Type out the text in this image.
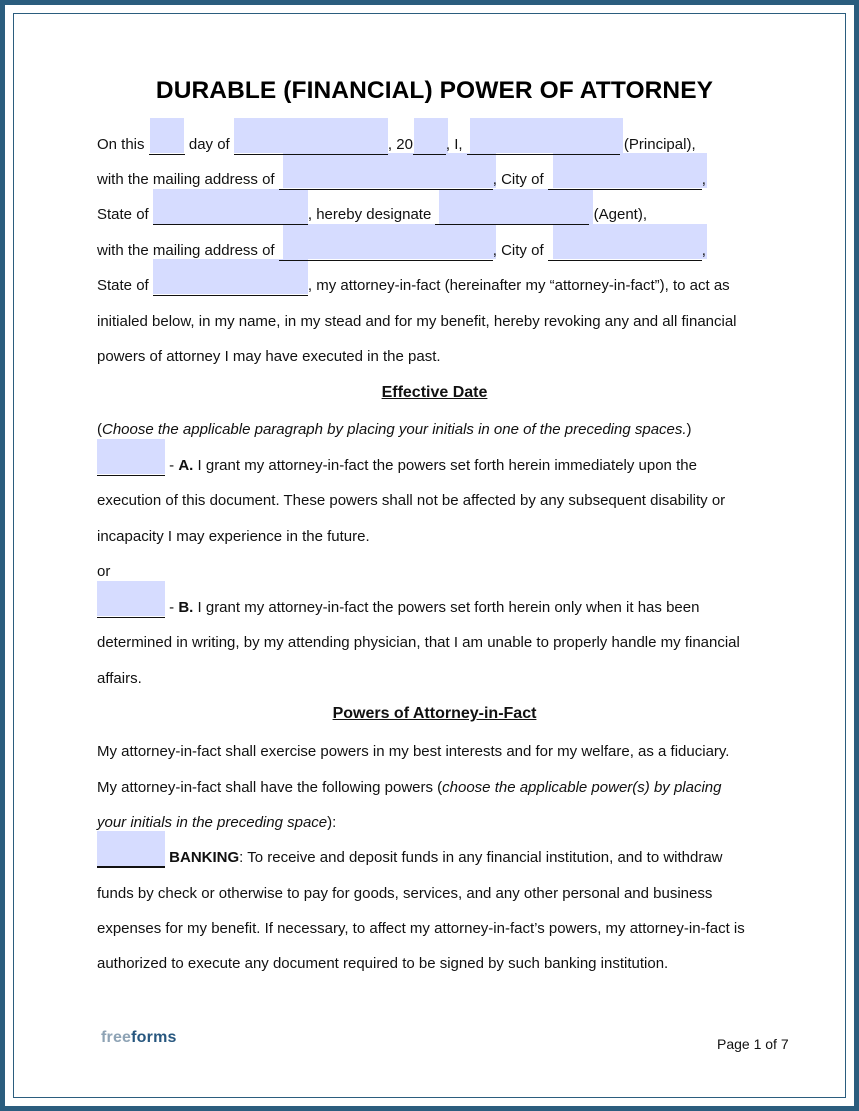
DURABLE (FINANCIAL) POWER OF ATTORNEY
On this  day of	, 20 , I,	(Principal),
with the mailing address of	, City of	,
State of	, hereby designate	(Agent),
with the mailing address of	, City of	,
State of	, my attorney-in-fact (hereinafter my “attorney-in-fact”), to act as
initialed below, in my name, in my stead and for my benefit, hereby revoking any and all financial
powers of attorney I may have executed in the past.
Effective Date
(Choose the applicable paragraph by placing your initials in one of the preceding spaces.)
- A. I grant my attorney-in-fact the powers set forth herein immediately upon the
execution of this document. These powers shall not be affected by any subsequent disability or
incapacity I may experience in the future.
or
- B. I grant my attorney-in-fact the powers set forth herein only when it has been
determined in writing, by my attending physician, that I am unable to properly handle my financial
affairs.
Powers of Attorney-in-Fact
My attorney-in-fact shall exercise powers in my best interests and for my welfare, as a fiduciary.
My attorney-in-fact shall have the following powers (choose the applicable power(s) by placing
your initials in the preceding space):
BANKING: To receive and deposit funds in any financial institution, and to withdraw
funds by check or otherwise to pay for goods, services, and any other personal and business
expenses for my benefit. If necessary, to affect my attorney-in-fact’s powers, my attorney-in-fact is
authorized to execute any document required to be signed by such banking institution.
freeforms	Page 1 of 7
